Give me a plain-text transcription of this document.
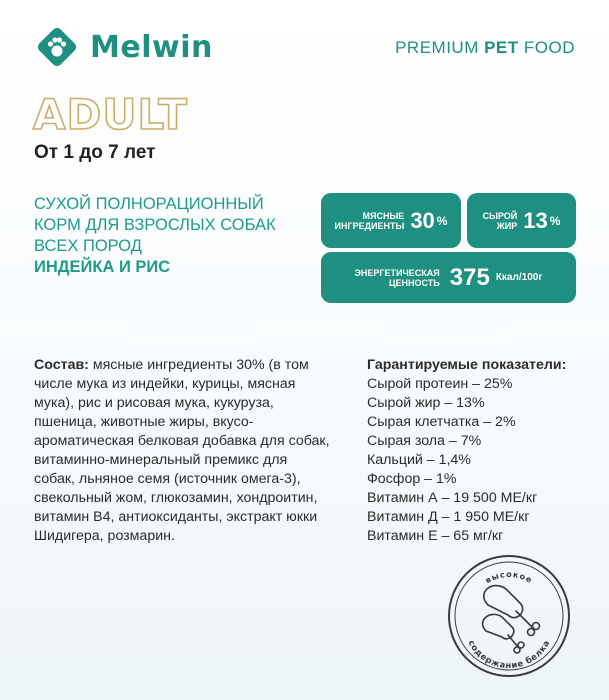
Melwin	PREMIUM PET FOOD
ADULT
От 1 до 7 лет
СУХОЙ ПОЛНОРАЦИОННЫЙ
КОРМ ДЛЯ ВЗРОСЛЫХ СОБАК
ВСЕХ ПОРОД
ИНДЕЙКА И РИС
МЯСНЫЕ
ИНГРЕДИЕНТЫ 30 %	СЫРОЙ
ЖИР 13 %
ЭНЕРГЕТИЧЕСКАЯ
ЦЕННОСТЬ 375 Ккал/100г
Состав: мясные ингредиенты 30% (в том
числе мука из индейки, курицы, мясная
мука), рис и рисовая мука, кукуруза,
пшеница, животные жиры, вкусо-
ароматическая белковая добавка для собак,
витаминно-минеральный премикс для
собак, льняное семя (источник омега-3),
свекольный жом, глюкозамин, хондроитин,
витамин B4, антиоксиданты, экстракт юкки
Шидигера, розмарин.
Гарантируемые показатели:
Сырой протеин – 25%
Сырой жир – 13%
Сырая клетчатка – 2%
Сырая зола – 7%
Кальций – 1,4%
Фосфор – 1%
Витамин А – 19 500 МЕ/кг
Витамин Д – 1 950 МЕ/кг
Витамин Е – 65 мг/кг
высокое
содержание белка
